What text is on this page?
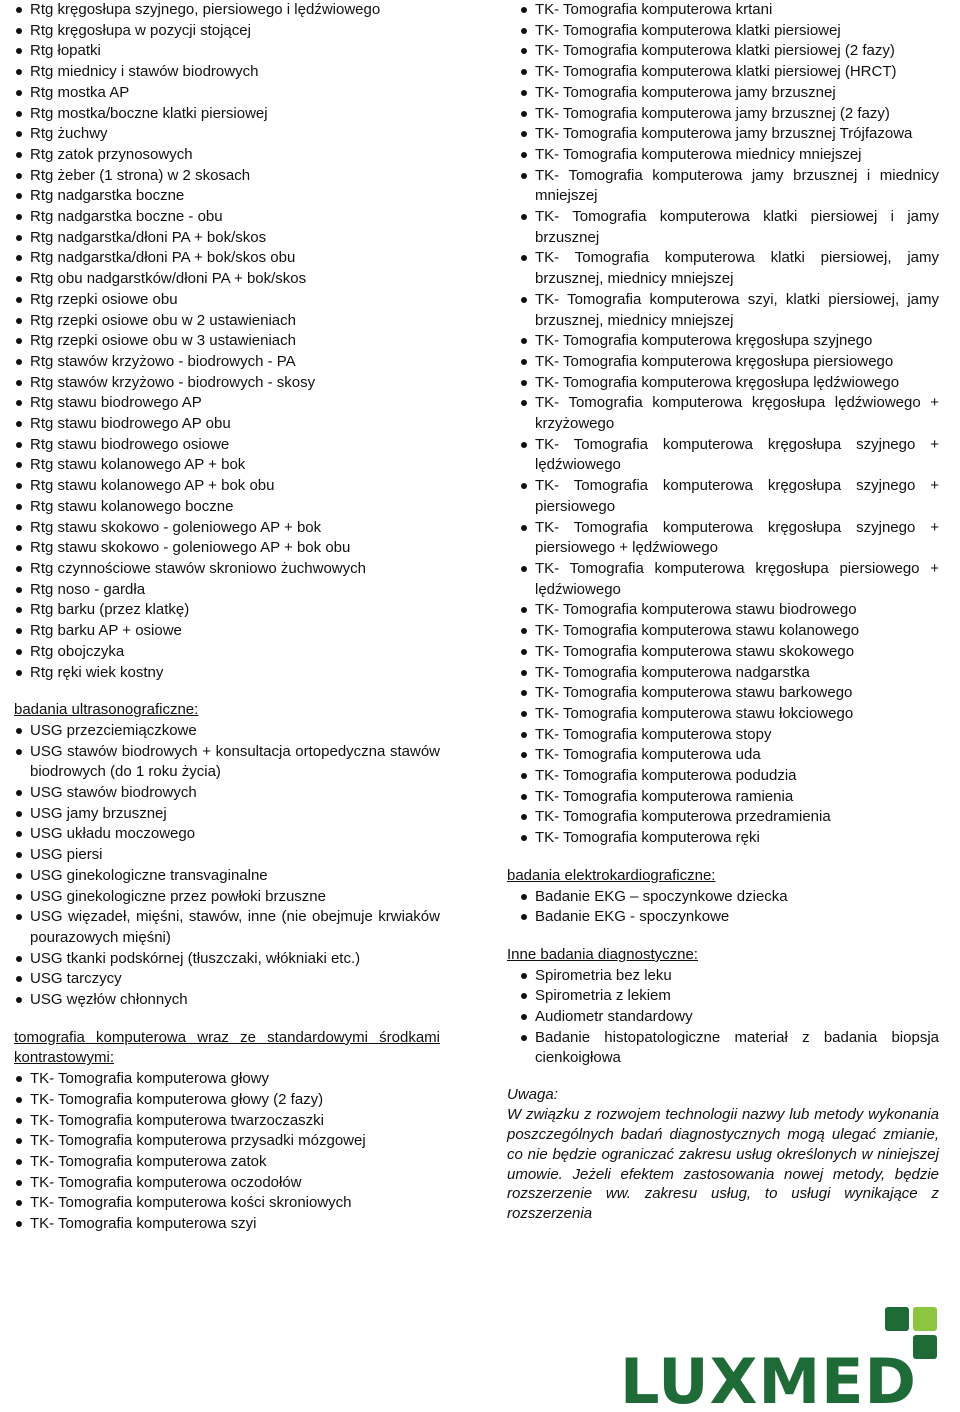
Rtg kręgosłupa szyjnego, piersiowego i lędźwiowego
Rtg kręgosłupa w pozycji stojącej
Rtg łopatki
Rtg miednicy i stawów biodrowych
Rtg mostka AP
Rtg mostka/boczne klatki piersiowej
Rtg żuchwy
Rtg zatok przynosowych
Rtg żeber (1 strona) w 2 skosach
Rtg nadgarstka boczne
Rtg nadgarstka boczne - obu
Rtg nadgarstka/dłoni PA + bok/skos
Rtg nadgarstka/dłoni PA + bok/skos obu
Rtg obu nadgarstków/dłoni PA + bok/skos
Rtg rzepki osiowe obu
Rtg rzepki osiowe obu w 2 ustawieniach
Rtg rzepki osiowe obu w 3 ustawieniach
Rtg stawów krzyżowo - biodrowych - PA
Rtg stawów krzyżowo - biodrowych - skosy
Rtg stawu biodrowego AP
Rtg stawu biodrowego AP obu
Rtg stawu biodrowego osiowe
Rtg stawu kolanowego AP + bok
Rtg stawu kolanowego AP + bok obu
Rtg stawu kolanowego boczne
Rtg stawu skokowo - goleniowego AP + bok
Rtg stawu skokowo - goleniowego AP + bok obu
Rtg czynnościowe stawów skroniowo żuchwowych
Rtg noso - gardła
Rtg barku (przez klatkę)
Rtg barku AP + osiowe
Rtg obojczyka
Rtg ręki wiek kostny
badania ultrasonograficzne:
USG przezciemiączkowe
USG stawów biodrowych + konsultacja ortopedyczna stawów biodrowych (do 1 roku życia)
USG stawów biodrowych
USG jamy brzusznej
USG układu moczowego
USG piersi
USG ginekologiczne transvaginalne
USG ginekologiczne przez powłoki brzuszne
USG więzadeł, mięśni, stawów, inne (nie obejmuje krwiaków pourazowych mięśni)
USG tkanki podskórnej (tłuszczaki, włókniaki etc.)
USG tarczycy
USG węzłów chłonnych
tomografia komputerowa wraz ze standardowymi środkami kontrastowymi:
TK- Tomografia komputerowa głowy
TK- Tomografia komputerowa głowy (2 fazy)
TK- Tomografia komputerowa twarzoczaszki
TK- Tomografia komputerowa przysadki mózgowej
TK- Tomografia komputerowa zatok
TK- Tomografia komputerowa oczodołów
TK- Tomografia komputerowa kości skroniowych
TK- Tomografia komputerowa szyi
TK- Tomografia komputerowa krtani
TK- Tomografia komputerowa klatki piersiowej
TK- Tomografia komputerowa klatki piersiowej (2 fazy)
TK- Tomografia komputerowa klatki piersiowej (HRCT)
TK- Tomografia komputerowa jamy brzusznej
TK- Tomografia komputerowa jamy brzusznej (2 fazy)
TK- Tomografia komputerowa jamy brzusznej Trójfazowa
TK- Tomografia komputerowa miednicy mniejszej
TK- Tomografia komputerowa jamy brzusznej i miednicy mniejszej
TK- Tomografia komputerowa klatki piersiowej i jamy brzusznej
TK- Tomografia komputerowa klatki piersiowej, jamy brzusznej, miednicy mniejszej
TK- Tomografia komputerowa szyi, klatki piersiowej, jamy brzusznej, miednicy mniejszej
TK- Tomografia komputerowa kręgosłupa szyjnego
TK- Tomografia komputerowa kręgosłupa piersiowego
TK- Tomografia komputerowa kręgosłupa lędźwiowego
TK- Tomografia komputerowa kręgosłupa lędźwiowego + krzyżowego
TK- Tomografia komputerowa kręgosłupa szyjnego + lędźwiowego
TK- Tomografia komputerowa kręgosłupa szyjnego + piersiowego
TK- Tomografia komputerowa kręgosłupa szyjnego + piersiowego + lędźwiowego
TK- Tomografia komputerowa kręgosłupa piersiowego + lędźwiowego
TK- Tomografia komputerowa stawu biodrowego
TK- Tomografia komputerowa stawu kolanowego
TK- Tomografia komputerowa stawu skokowego
TK- Tomografia komputerowa nadgarstka
TK- Tomografia komputerowa stawu barkowego
TK- Tomografia komputerowa stawu łokciowego
TK- Tomografia komputerowa stopy
TK- Tomografia komputerowa uda
TK- Tomografia komputerowa podudzia
TK- Tomografia komputerowa ramienia
TK- Tomografia komputerowa przedramienia
TK- Tomografia komputerowa ręki
badania elektrokardiograficzne:
Badanie EKG – spoczynkowe dziecka
Badanie EKG - spoczynkowe
Inne badania diagnostyczne:
Spirometria bez leku
Spirometria z lekiem
Audiometr standardowy
Badanie histopatologiczne materiał z badania biopsja cienkoigłowa
Uwaga:
W związku z rozwojem technologii nazwy lub metody wykonania poszczególnych badań diagnostycznych mogą ulegać zmianie, co nie będzie ograniczać zakresu usług określonych w niniejszej umowie. Jeżeli efektem zastosowania nowej metody, będzie rozszerzenie ww. zakresu usług, to usługi wynikające z rozszerzenia
LUXMED
